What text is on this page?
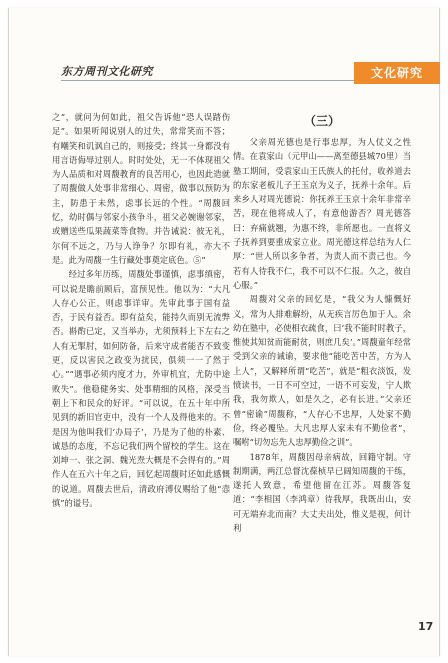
东方周刊文化研究	文化研究
17

之”，就问为何如此，祖父告诉他“恐人误踏伤足”。如果听闻说别人的过失，常常笑而不答；有嘲笑和讥讽自己的，则接受；终其一身都没有用言语侮辱过别人。时时处处，无一不体现祖父为人品质和对周馥教育的良苦用心，也因此造就了周馥做人处事非常细心、周密，做事以预防为主，防患于未然，虑事长远的个性。“周馥回忆，幼时偶与邻家小孩争斗，祖父必婉谢邻家，或赠送些瓜果蔬菜等食物。并告诫说：彼无礼，尔何不远之，乃与人诤争？尔即有礼，亦大不是。此为周馥一生行藏处事奠定底色。⑤”

经过多年历练，周馥处事谨慎，虑事缜密，可以说是瞻前顾后，富预见性。他以为：“大凡人存心公正，则虑事详审。先审此事于国有益否，于民有益否。即有益矣，能持久而别无流弊否。斟酌已定，又当举办，尤须预料上下左右之人有无掣肘，如何防备，后来守成者能否不致变更，反以害民之政变为扰民，俱须一一了然于心。”“遇事必须内度才力，外审机宜，尤防中途败失”。他稳健务实、处事精细的风格，深受当朝上下和民众的好评。“可以说，在五十年中所见到的新旧官吏中，没有一个人及得他来的。不是因为他叫我们‘办局子’，乃是为了他的朴素、诚恳的态度，不忘记我们两个留校的学生。这在刘坤一、张之洞、魏光焘大概是不会得有的。”周作人在五六十年之后，回忆起周馥时还如此感慨的说道。周馥去世后，清政府溥仪赐给了他“悫慎”的谥号。

（三）

父亲周光德也是行事忠厚，为人仗义之性情。在袁家山（元甲山——离至德县城70里）当塾工期间，受袁家山王氏族人的托付，收养道去的东家老板儿子王玉京为义子，抚养十余年。后来乡人对周光德说：你抚养王玉京十余年非常辛苦，现在他将成人了，有意他游否？周光德答曰：弃痛就翘，为惠不终，非所愿也。一直将义子抚养到要重成家立业。周光德这样总结为人仁厚：“世人所以多争者，为责人而不责己也。今若有人待我不仁，我不可以不仁报。久之，彼自心服。”

周馥对父亲的回忆是，“我父为人慷慨好义，常为人排难解纷，从无疾言厉色加于人。余幼在塾中，必使相衣疏食，曰‘我不能时时教子，惟使其知贫而能耐贫，则庶几矣’。”周馥童年经常受到父亲的诫谕，要求他“能吃苦中苦，方为人上人”，又解释所谓“吃苦”，就是“粗衣淡饭，发愤读书，一日不可空过，一语不可妄发，宁人欺我，我勿欺人，如是久之，必有长进。”父亲还曾“密谕”周馥称，“人存心不忠厚，人处家不勤俭，终必覆坠。大凡忠厚人家未有不勤俭者”，嘱咐“切勿忘先人忠厚勤俭之训”。

1878年，周馥因母亲病故，回籍守制。守制期满，两江总督沈葆桢早已阔知周馥的干练，遂托人致意，希望他留在江苏。周馥答复道：“李相国（李鸿章）待我厚，我既出山，安可无端弃北而南？大丈夫出处，惟义是视，何计利
